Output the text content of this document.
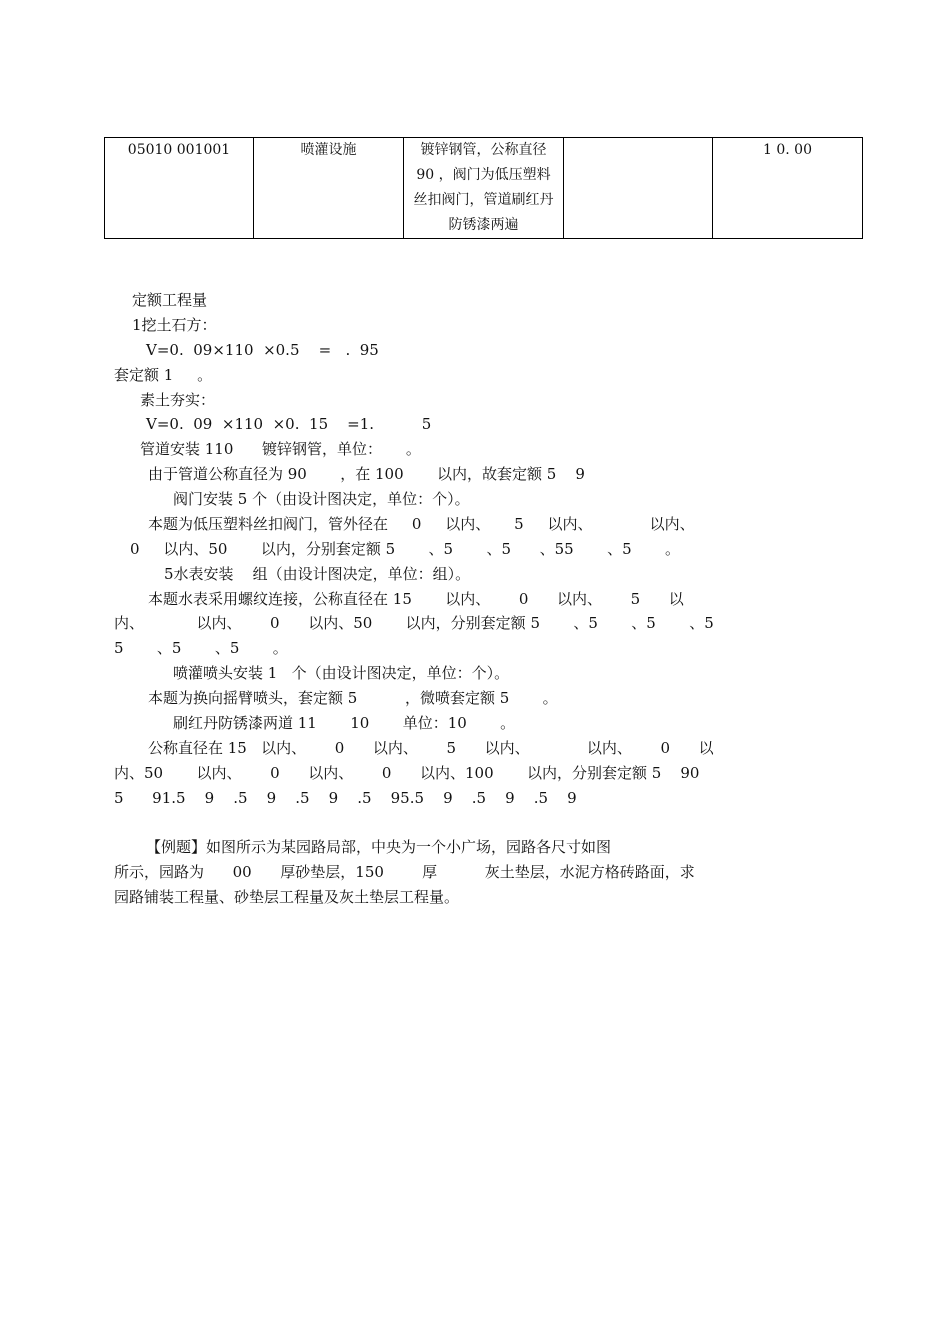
05010 001001	喷灌设施	镀锌钢管，公称直径 90 ，阀门为低压塑料丝扣阀门，管道刷红丹防锈漆两遍		1 0. 00
定额工程量
1挖土石方：
V=0.  09×110  ×0.5    =   .  95
套定额 1     。
素土夯实：
V=0.  09  ×110  ×0.  15    =1.          5
管道安装 110      镀锌钢管，单位：     。
由于管道公称直径为 90       ，在 100       以内，故套定额 5    9
阀门安装 5 个（由设计图决定，单位：个）。
本题为低压塑料丝扣阀门，管外径在     0     以内、     5     以内、            以内、
0     以内、50       以内，分别套定额 5       、5       、5      、55       、5       。
5水表安装    组（由设计图决定，单位：组）。
本题水表采用螺纹连接，公称直径在 15       以内、      0      以内、      5      以
内、           以内、      0      以内、50       以内，分别套定额 5       、5       、5       、5
5       、5       、5       。
喷灌喷头安装 1   个（由设计图决定，单位：个）。
本题为换向摇臂喷头，套定额 5          ，微喷套定额 5       。
刷红丹防锈漆两道 11       10       单位：10       。
公称直径在 15   以内、      0      以内、      5      以内、            以内、      0      以
内、50       以内、      0      以内、      0      以内、100       以内，分别套定额 5    90
5      91.5    9    .5    9    .5    9    .5    95.5    9    .5    9    .5    9
【例题】如图所示为某园路局部，中央为一个小广场，园路各尺寸如图
所示，园路为      00      厚砂垫层，150        厚          灰土垫层，水泥方格砖路面，求
园路铺装工程量、砂垫层工程量及灰土垫层工程量。
